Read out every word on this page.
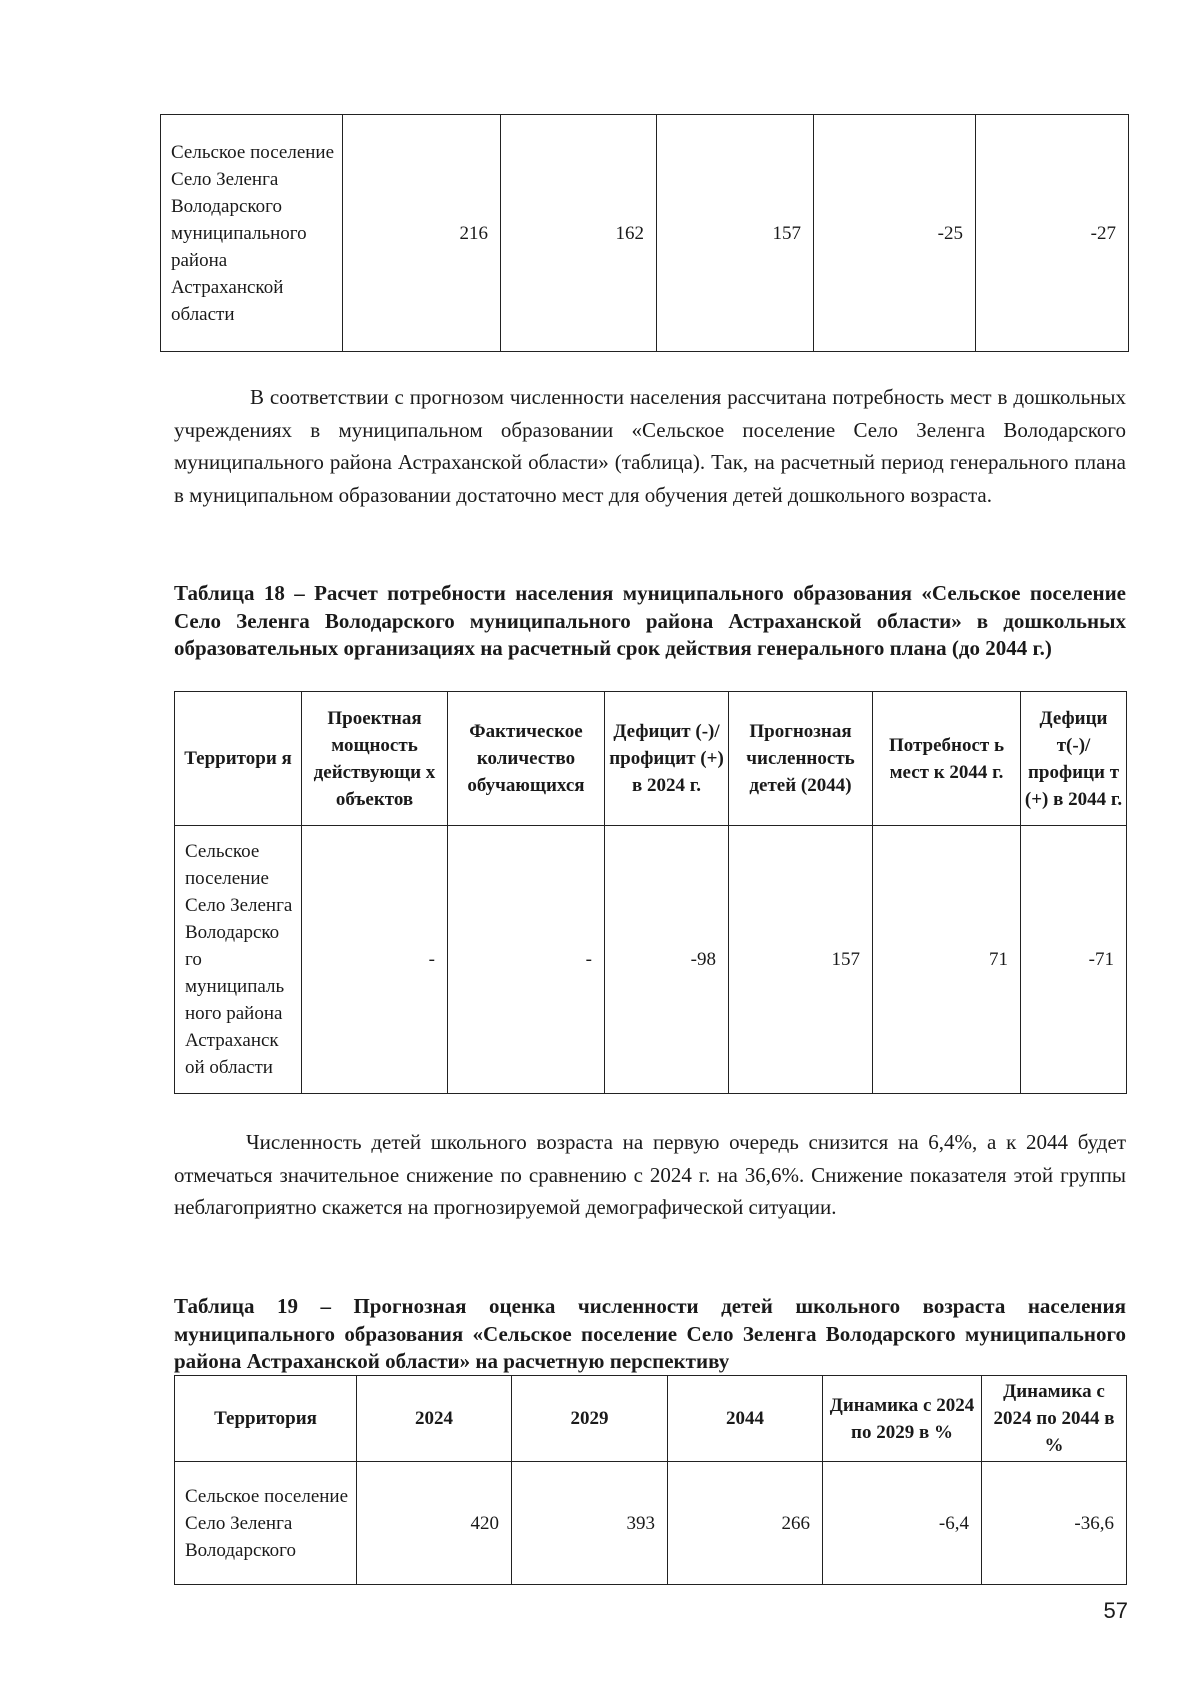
Сельское поселение Село Зеленга Володарского муниципального района Астраханской области	216	162	157	-25	-27

В соответствии с прогнозом численности населения рассчитана потребность мест в дошкольных учреждениях в муниципальном образовании «Сельское поселение Село Зеленга Володарского муниципального района Астраханской области» (таблица). Так, на расчетный период генерального плана в муниципальном образовании достаточно мест для обучения детей дошкольного возраста.

Таблица 18 – Расчет потребности населения муниципального образования «Сельское поселение Село Зеленга Володарского муниципального района Астраханской области» в дошкольных образовательных организациях на расчетный срок действия генерального плана (до 2044 г.)

Территори я	Проектная мощность действующи х объектов	Фактическое количество обучающихся	Дефицит (-)/ профицит (+) в 2024 г.	Прогнозная численность детей (2044)	Потребност ь мест к 2044 г.	Дефици т(-)/ профици т (+) в 2044 г.
Сельское поселение Село Зеленга Володарско го муниципаль ного района Астраханск ой области	-	-	-98	157	71	-71

Численность детей школьного возраста на первую очередь снизится на 6,4%, а к 2044 будет отмечаться значительное снижение по сравнению с 2024 г. на 36,6%. Снижение показателя этой группы неблагоприятно скажется на прогнозируемой демографической ситуации.

Таблица 19 – Прогнозная оценка численности детей школьного возраста населения муниципального образования «Сельское поселение Село Зеленга Володарского муниципального района Астраханской области» на расчетную перспективу

Территория	2024	2029	2044	Динамика с 2024 по 2029 в %	Динамика с 2024 по 2044 в %
Сельское поселение Село Зеленга Володарского	420	393	266	-6,4	-36,6
57
